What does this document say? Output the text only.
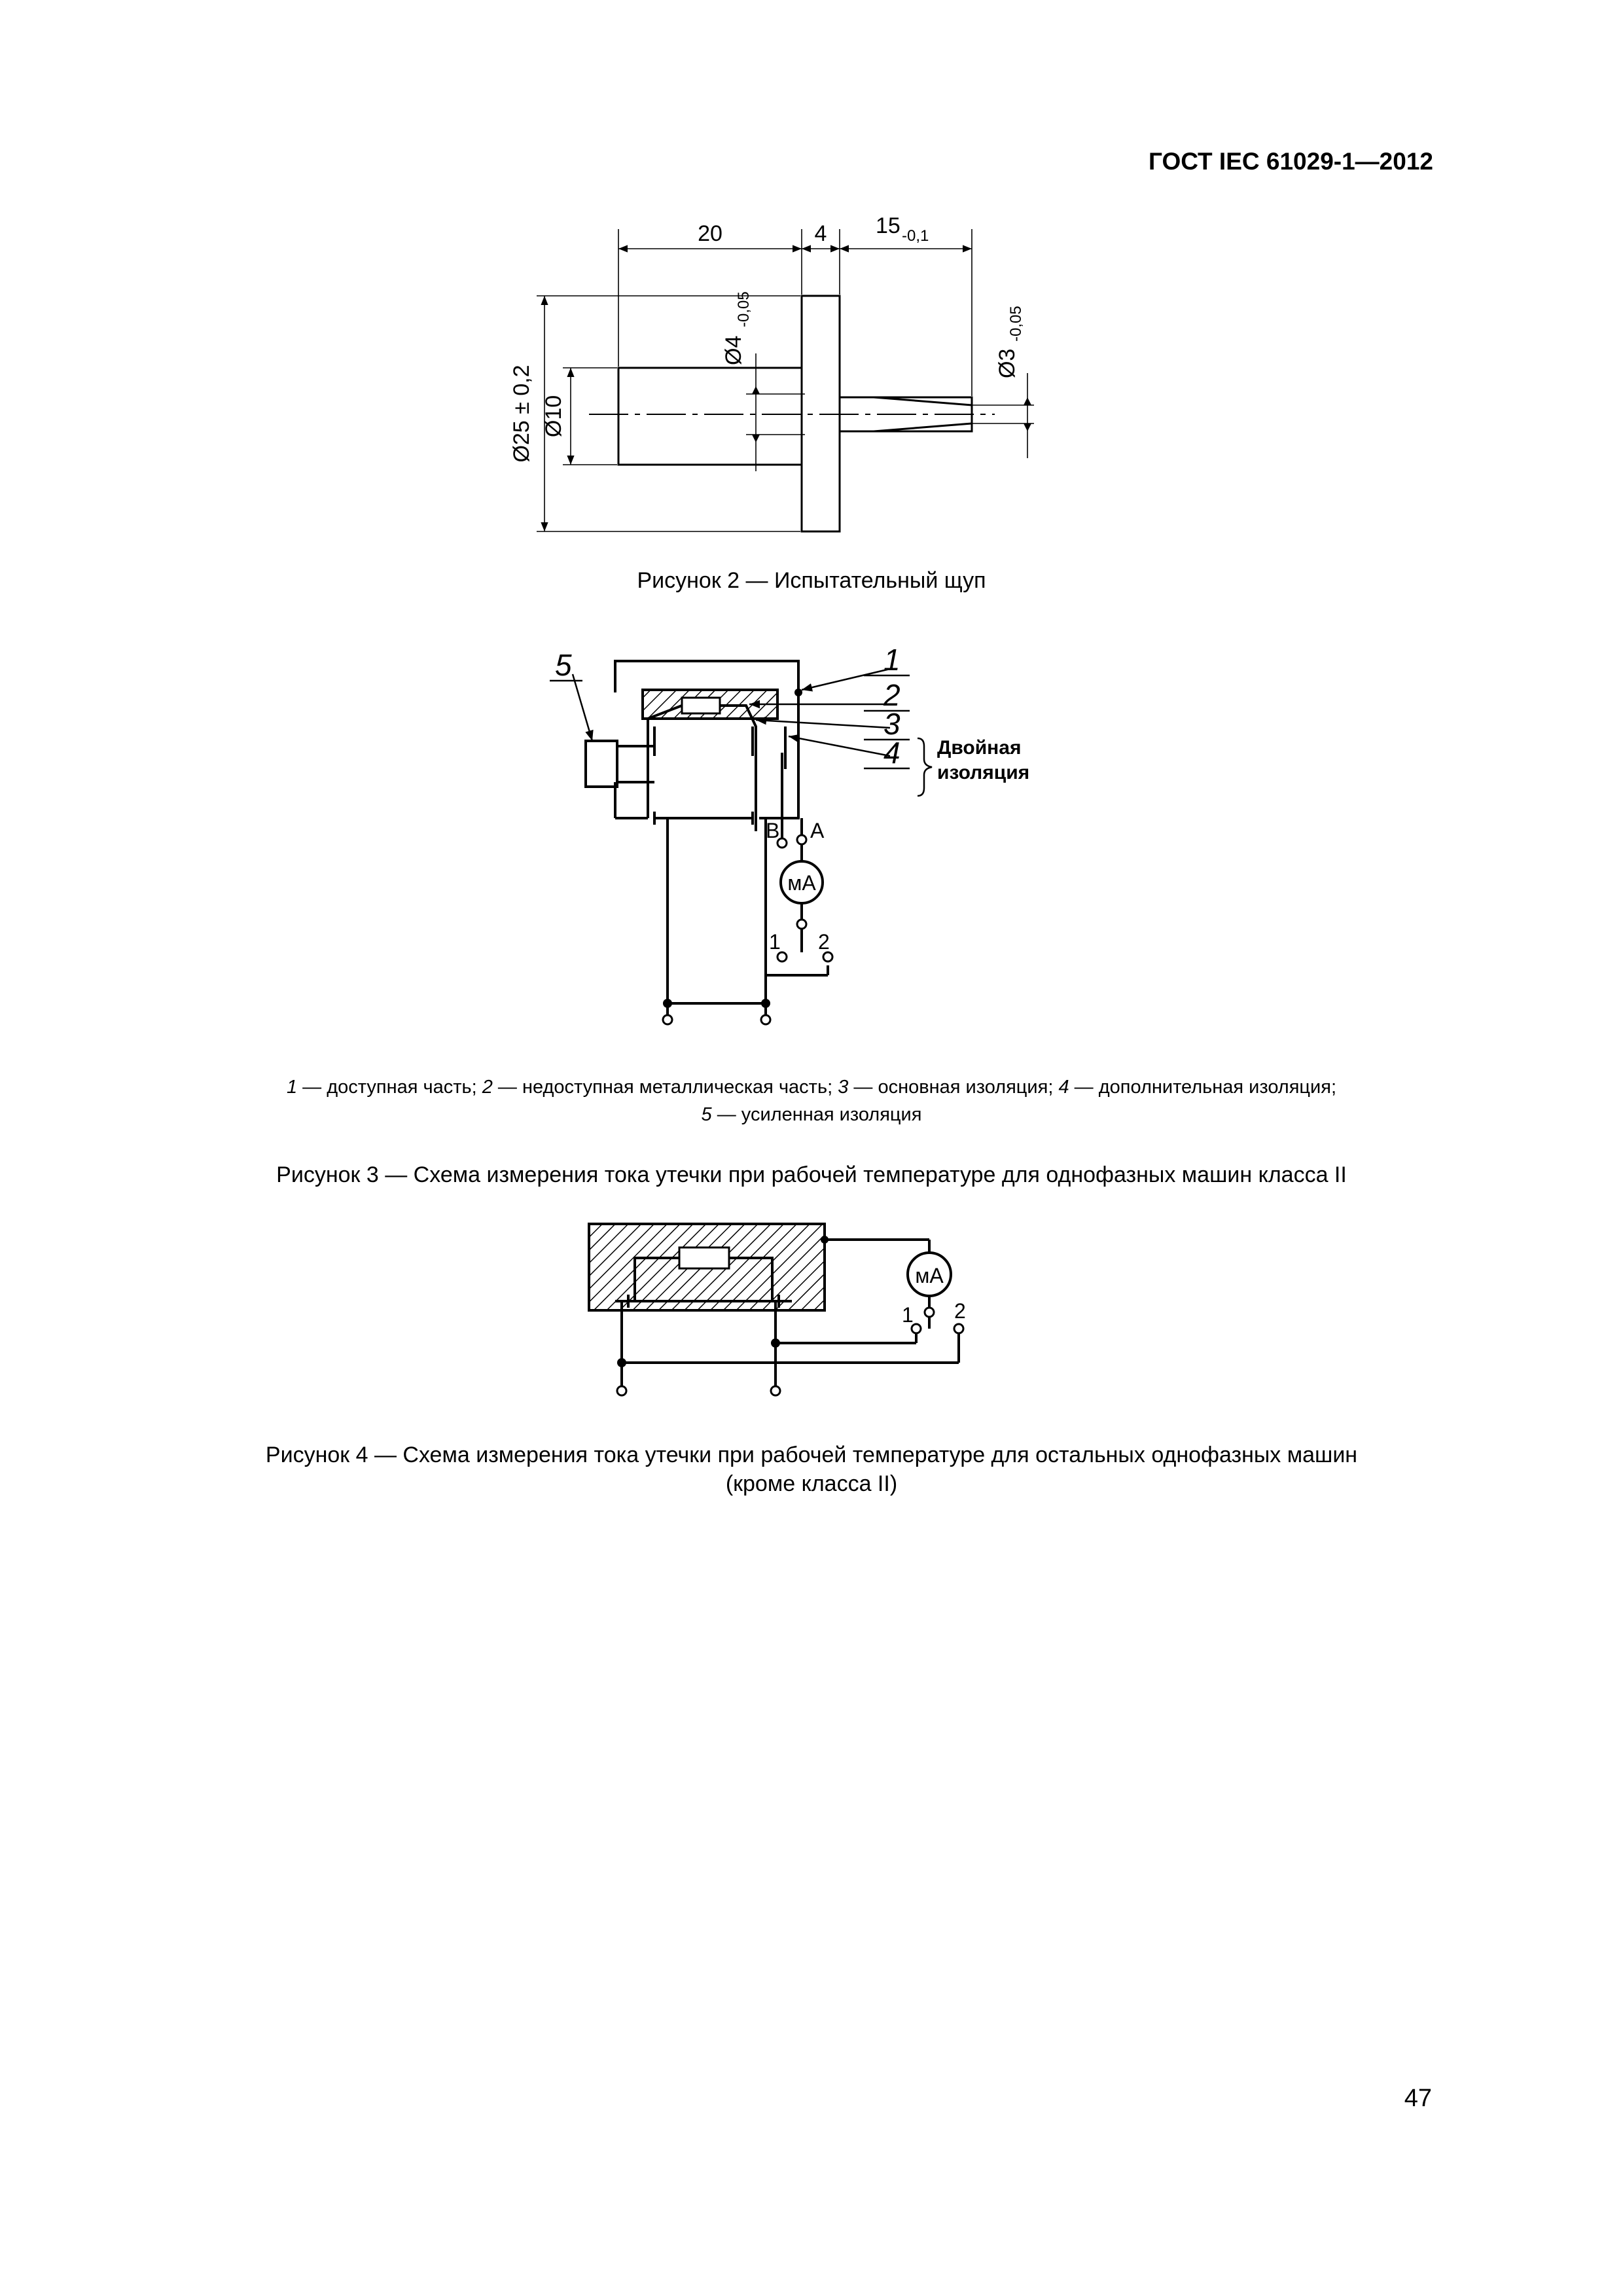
ГОСТ IEC 61029-1—2012
20	4 15 -0,1
Ø25 ± 0,2 Ø10
Ø4
-0,05
Ø3
-0,05
Рисунок 2 — Испытательный щуп
мА
1
2
3
4
5
Двойная
изоляция
B A
1 2
1 — доступная часть; 2 — недоступная металлическая часть; 3 — основная изоляция; 4 — дополнительная изоляция;
5 — усиленная изоляция
Рисунок 3 — Схема измерения тока утечки при рабочей температуре для однофазных машин класса II
мА
1 2
Рисунок 4 — Схема измерения тока утечки при рабочей температуре для остальных однофазных машин
(кроме класса II)
47
